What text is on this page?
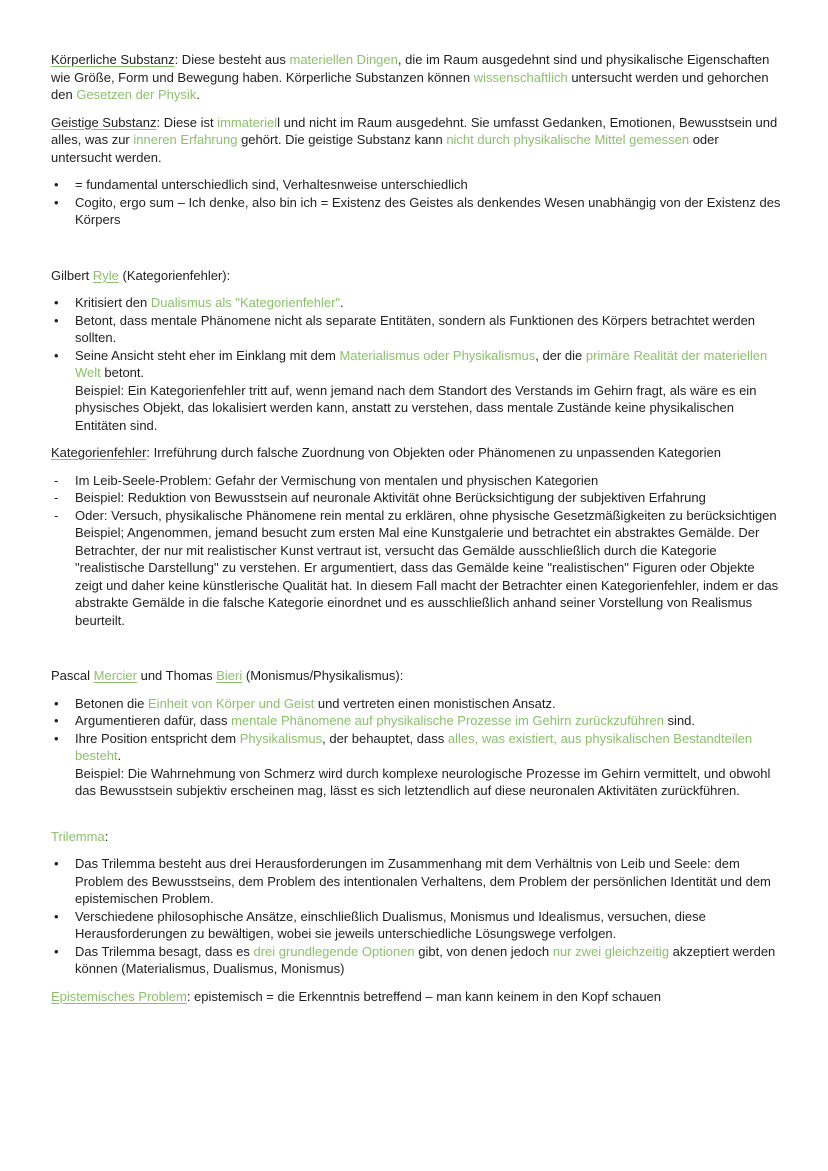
Körperliche Substanz: Diese besteht aus materiellen Dingen, die im Raum ausgedehnt sind und physikalische Eigenschaften wie Größe, Form und Bewegung haben. Körperliche Substanzen können wissenschaftlich untersucht werden und gehorchen den Gesetzen der Physik.

Geistige Substanz: Diese ist immateriell und nicht im Raum ausgedehnt. Sie umfasst Gedanken, Emotionen, Bewusstsein und alles, was zur inneren Erfahrung gehört. Die geistige Substanz kann nicht durch physikalische Mittel gemessen oder untersucht werden.

• = fundamental unterschiedlich sind, Verhaltesnweise unterschiedlich
• Cogito, ergo sum – Ich denke, also bin ich = Existenz des Geistes als denkendes Wesen unabhängig von der Existenz des Körpers

Gilbert Ryle (Kategorienfehler):

• Kritisiert den Dualismus als "Kategorienfehler".
• Betont, dass mentale Phänomene nicht als separate Entitäten, sondern als Funktionen des Körpers betrachtet werden sollten.
• Seine Ansicht steht eher im Einklang mit dem Materialismus oder Physikalismus, der die primäre Realität der materiellen Welt betont.
Beispiel: Ein Kategorienfehler tritt auf, wenn jemand nach dem Standort des Verstands im Gehirn fragt, als wäre es ein physisches Objekt, das lokalisiert werden kann, anstatt zu verstehen, dass mentale Zustände keine physikalischen Entitäten sind.

Kategorienfehler: Irreführung durch falsche Zuordnung von Objekten oder Phänomenen zu unpassenden Kategorien

- Im Leib-Seele-Problem: Gefahr der Vermischung von mentalen und physischen Kategorien
- Beispiel: Reduktion von Bewusstsein auf neuronale Aktivität ohne Berücksichtigung der subjektiven Erfahrung
- Oder: Versuch, physikalische Phänomene rein mental zu erklären, ohne physische Gesetzmäßigkeiten zu berücksichtigen
Beispiel; Angenommen, jemand besucht zum ersten Mal eine Kunstgalerie und betrachtet ein abstraktes Gemälde. Der Betrachter, der nur mit realistischer Kunst vertraut ist, versucht das Gemälde ausschließlich durch die Kategorie "realistische Darstellung" zu verstehen. Er argumentiert, dass das Gemälde keine "realistischen" Figuren oder Objekte zeigt und daher keine künstlerische Qualität hat. In diesem Fall macht der Betrachter einen Kategorienfehler, indem er das abstrakte Gemälde in die falsche Kategorie einordnet und es ausschließlich anhand seiner Vorstellung von Realismus beurteilt.

Pascal Mercier und Thomas Bieri (Monismus/Physikalismus):

• Betonen die Einheit von Körper und Geist und vertreten einen monistischen Ansatz.
• Argumentieren dafür, dass mentale Phänomene auf physikalische Prozesse im Gehirn zurückzuführen sind.
• Ihre Position entspricht dem Physikalismus, der behauptet, dass alles, was existiert, aus physikalischen Bestandteilen besteht.
Beispiel: Die Wahrnehmung von Schmerz wird durch komplexe neurologische Prozesse im Gehirn vermittelt, und obwohl das Bewusstsein subjektiv erscheinen mag, lässt es sich letztendlich auf diese neuronalen Aktivitäten zurückführen.

Trilemma:

• Das Trilemma besteht aus drei Herausforderungen im Zusammenhang mit dem Verhältnis von Leib und Seele: dem Problem des Bewusstseins, dem Problem des intentionalen Verhaltens, dem Problem der persönlichen Identität und dem epistemischen Problem.
• Verschiedene philosophische Ansätze, einschließlich Dualismus, Monismus und Idealismus, versuchen, diese Herausforderungen zu bewältigen, wobei sie jeweils unterschiedliche Lösungswege verfolgen.
• Das Trilemma besagt, dass es drei grundlegende Optionen gibt, von denen jedoch nur zwei gleichzeitig akzeptiert werden können (Materialismus, Dualismus, Monismus)

Epistemisches Problem: epistemisch = die Erkenntnis betreffend – man kann keinem in den Kopf schauen
